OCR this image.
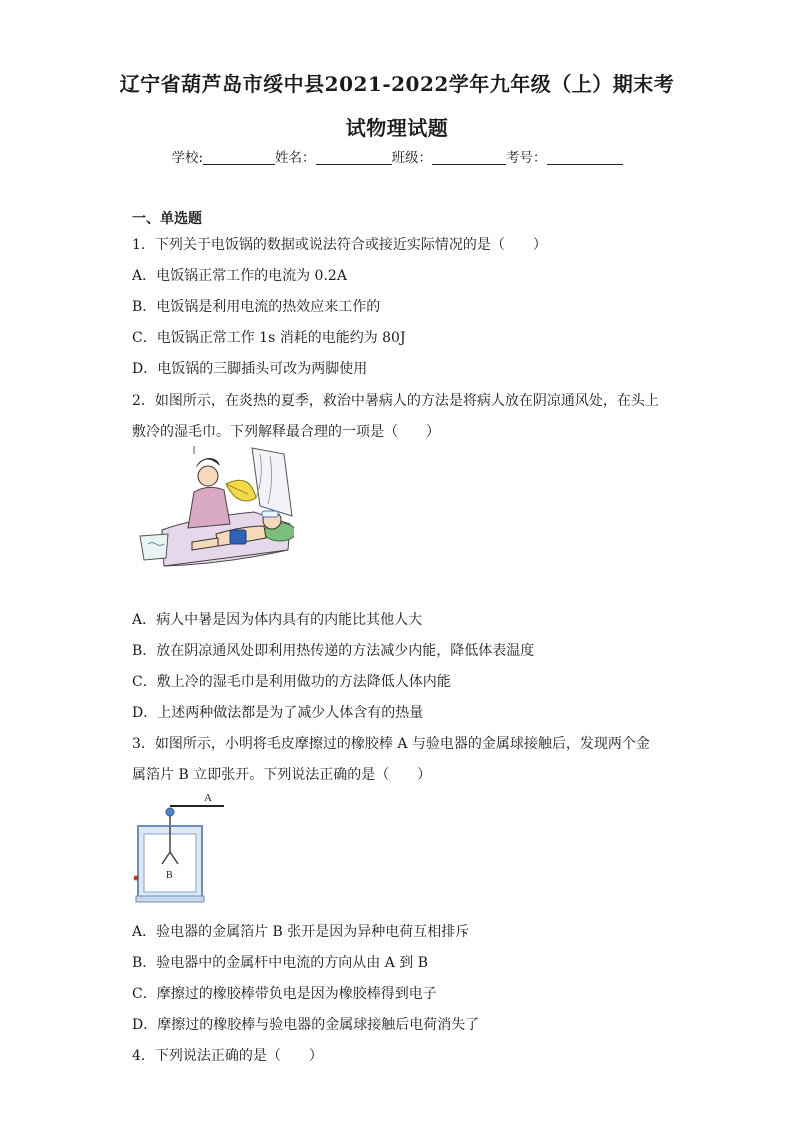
辽宁省葫芦岛市绥中县2021-2022学年九年级（上）期末考
试物理试题
学校:	姓名：	班级：	考号：
一、单选题
1．下列关于电饭锅的数据或说法符合或接近实际情况的是（　　）
A．电饭锅正常工作的电流为 0.2A
B．电饭锅是利用电流的热效应来工作的
C．电饭锅正常工作 1s 消耗的电能约为 80J
D．电饭锅的三脚插头可改为两脚使用
2．如图所示，在炎热的夏季，救治中暑病人的方法是将病人放在阴凉通风处，在头上
敷冷的湿毛巾。下列解释最合理的一项是（　　）
A．病人中暑是因为体内具有的内能比其他人大
B．放在阴凉通风处即利用热传递的方法减少内能，降低体表温度
C．敷上冷的湿毛巾是利用做功的方法降低人体内能
D．上述两种做法都是为了减少人体含有的热量
3．如图所示，小明将毛皮摩擦过的橡胶棒 A 与验电器的金属球接触后，发现两个金
属箔片 B 立即张开。下列说法正确的是（　　）
A
B
A．验电器的金属箔片 B 张开是因为异种电荷互相排斥
B．验电器中的金属杆中电流的方向从由 A 到 B
C．摩擦过的橡胶棒带负电是因为橡胶棒得到电子
D．摩擦过的橡胶棒与验电器的金属球接触后电荷消失了
4．下列说法正确的是（　　）
